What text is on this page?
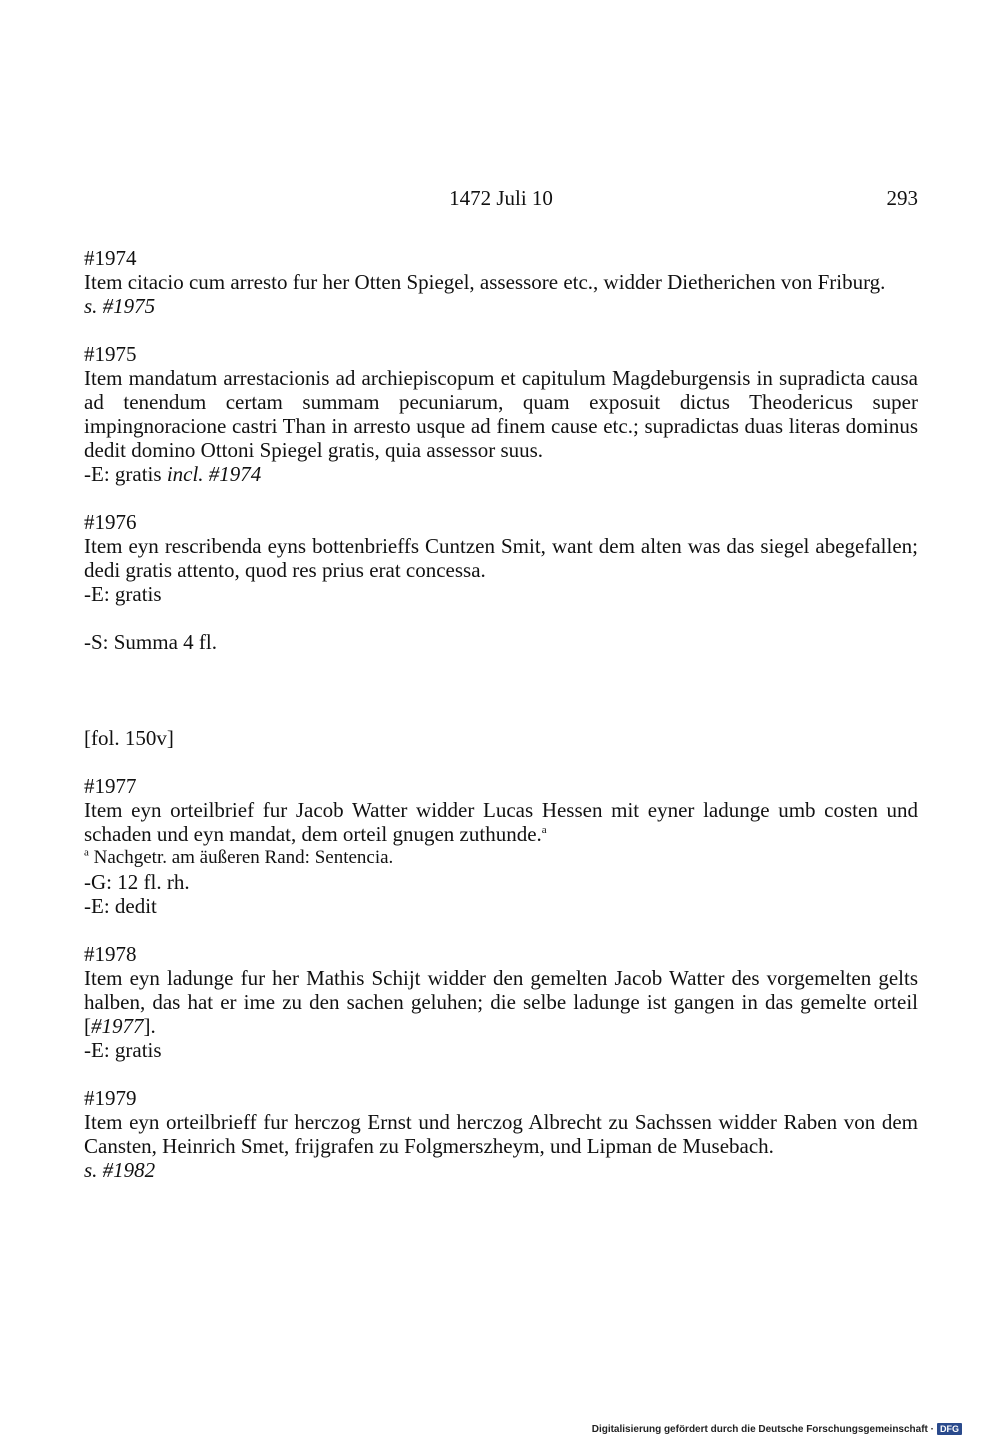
1472 Juli 10	293
#1974
Item citacio cum arresto fur her Otten Spiegel, assessore etc., widder Dietherichen von Friburg.
s. #1975
#1975
Item mandatum arrestacionis ad archiepiscopum et capitulum Magdeburgensis in supradicta causa ad tenendum certam summam pecuniarum, quam exposuit dictus Theodericus super impingnoracione castri Than in arresto usque ad finem cause etc.; supradictas duas literas dominus dedit domino Ottoni Spiegel gratis, quia assessor suus.
-E: gratis incl. #1974
#1976
Item eyn rescribenda eyns bottenbrieffs Cuntzen Smit, want dem alten was das siegel abegefallen; dedi gratis attento, quod res prius erat concessa.
-E: gratis
-S: Summa 4 fl.
[fol. 150v]
#1977
Item eyn orteilbrief fur Jacob Watter widder Lucas Hessen mit eyner ladunge umb costen und schaden und eyn mandat, dem orteil gnugen zuthunde.$^a$
$^a$ Nachgetr. am äußeren Rand: Sentencia.
-G: 12 fl. rh.
-E: dedit
#1978
Item eyn ladunge fur her Mathis Schijt widder den gemelten Jacob Watter des vorgemelten gelts halben, das hat er ime zu den sachen geluhen; die selbe ladunge ist gangen in das gemelte orteil [#1977].
-E: gratis
#1979
Item eyn orteilbrieff fur herczog Ernst und herczog Albrecht zu Sachssen widder Raben von dem Cansten, Heinrich Smet, frijgrafen zu Folgmerszheym, und Lipman de Musebach.
s. #1982
Digitalisierung gefördert durch die Deutsche Forschungsgemeinschaft · DFG
